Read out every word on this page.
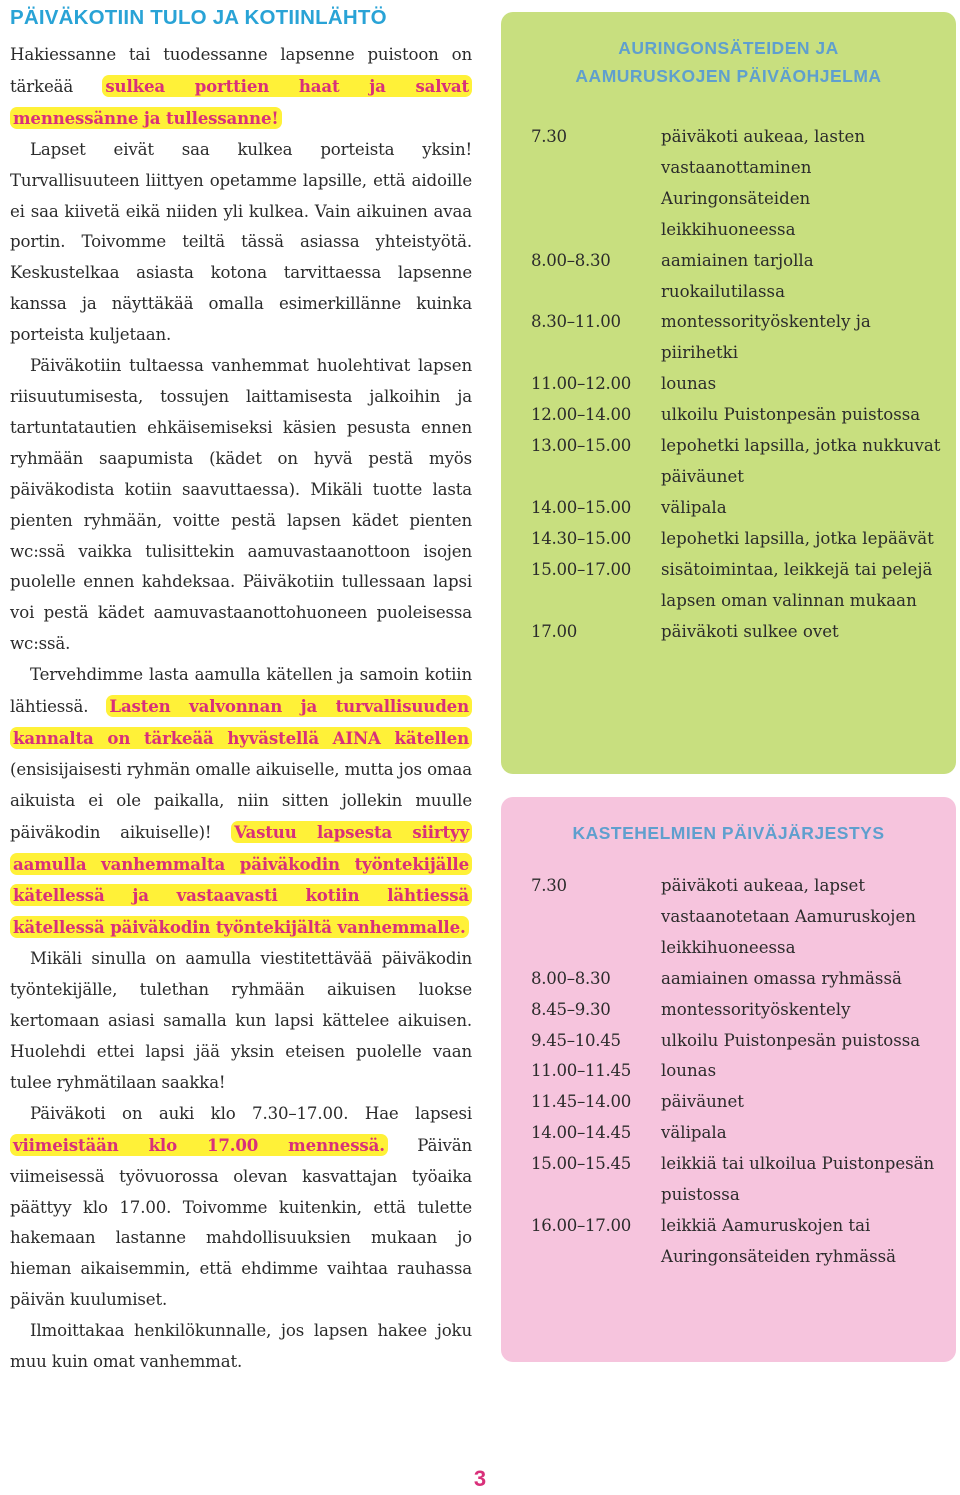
PÄIVÄKOTIIN TULO JA KOTIINLÄHTÖ

Hakiessanne tai tuodessanne lapsenne puistoon on tärkeää sulkea porttien haat ja salvat mennessänne ja tullessanne!

Lapset eivät saa kulkea porteista yksin! Turvallisuuteen liittyen opetamme lapsille, että aidoille ei saa kiivetä eikä niiden yli kulkea. Vain aikuinen avaa portin. Toivomme teiltä tässä asiassa yhteistyötä. Keskustelkaa asiasta kotona tarvittaessa lapsenne kanssa ja näyttäkää omalla esimerkillänne kuinka porteista kuljetaan.

Päiväkotiin tultaessa vanhemmat huolehtivat lapsen riisuutumisesta, tossujen laittamisesta jalkoihin ja tartuntatautien ehkäisemiseksi käsien pesusta ennen ryhmään saapumista (kädet on hyvä pestä myös päiväkodista kotiin saavuttaessa). Mikäli tuotte lasta pienten ryhmään, voitte pestä lapsen kädet pienten wc:ssä vaikka tulisittekin aamuvastaanottoon isojen puolelle ennen kahdeksaa. Päiväkotiin tullessaan lapsi voi pestä kädet aamuvastaanottohuoneen puoleisessa wc:ssä.

Tervehdimme lasta aamulla kätellen ja samoin kotiin lähtiessä. Lasten valvonnan ja turvallisuuden kannalta on tärkeää hyvästellä AINA kätellen (ensisijaisesti ryhmän omalle aikuiselle, mutta jos omaa aikuista ei ole paikalla, niin sitten jollekin muulle päiväkodin aikuiselle)! Vastuu lapsesta siirtyy aamulla vanhemmalta päiväkodin työntekijälle kätellessä ja vastaavasti kotiin lähtiessä kätellessä päiväkodin työntekijältä vanhemmalle.

Mikäli sinulla on aamulla viestitettävää päiväkodin työntekijälle, tulethan ryhmään aikuisen luokse kertomaan asiasi samalla kun lapsi kättelee aikuisen. Huolehdi ettei lapsi jää yksin eteisen puolelle vaan tulee ryhmätilaan saakka!

Päiväkoti on auki klo 7.30–17.00. Hae lapsesi viimeistään klo 17.00 mennessä. Päivän viimeisessä työvuorossa olevan kasvattajan työaika päättyy klo 17.00. Toivomme kuitenkin, että tulette hakemaan lastanne mahdollisuuksien mukaan jo hieman aikaisemmin, että ehdimme vaihtaa rauhassa päivän kuulumiset.

Ilmoittakaa henkilökunnalle, jos lapsen hakee joku muu kuin omat vanhemmat.

AURINGONSÄTEIDEN JA
AAMURUSKOJEN PÄIVÄOHJELMA
7.30	päiväkoti aukeaa, lasten vastaanottaminen Auringonsäteiden leikkihuoneessa
8.00–8.30	aamiainen tarjolla ruokailutilassa
8.30–11.00	montessorityöskentely ja piirihetki
11.00–12.00	lounas
12.00–14.00	ulkoilu Puistonpesän puistossa
13.00–15.00	lepohetki lapsilla, jotka nukkuvat päiväunet
14.00–15.00	välipala
14.30–15.00	lepohetki lapsilla, jotka lepäävät
15.00–17.00	sisätoimintaa, leikkejä tai pelejä lapsen oman valinnan mukaan
17.00	päiväkoti sulkee ovet
KASTEHELMIEN PÄIVÄJÄRJESTYS
7.30	päiväkoti aukeaa, lapset vastaanotetaan Aamuruskojen leikkihuoneessa
8.00–8.30	aamiainen omassa ryhmässä
8.45–9.30	montessorityöskentely
9.45–10.45	ulkoilu Puistonpesän puistossa
11.00–11.45	lounas
11.45–14.00	päiväunet
14.00–14.45	välipala
15.00–15.45	leikkiä tai ulkoilua Puistonpesän puistossa
16.00–17.00	leikkiä Aamuruskojen tai Auringonsäteiden ryhmässä
3
